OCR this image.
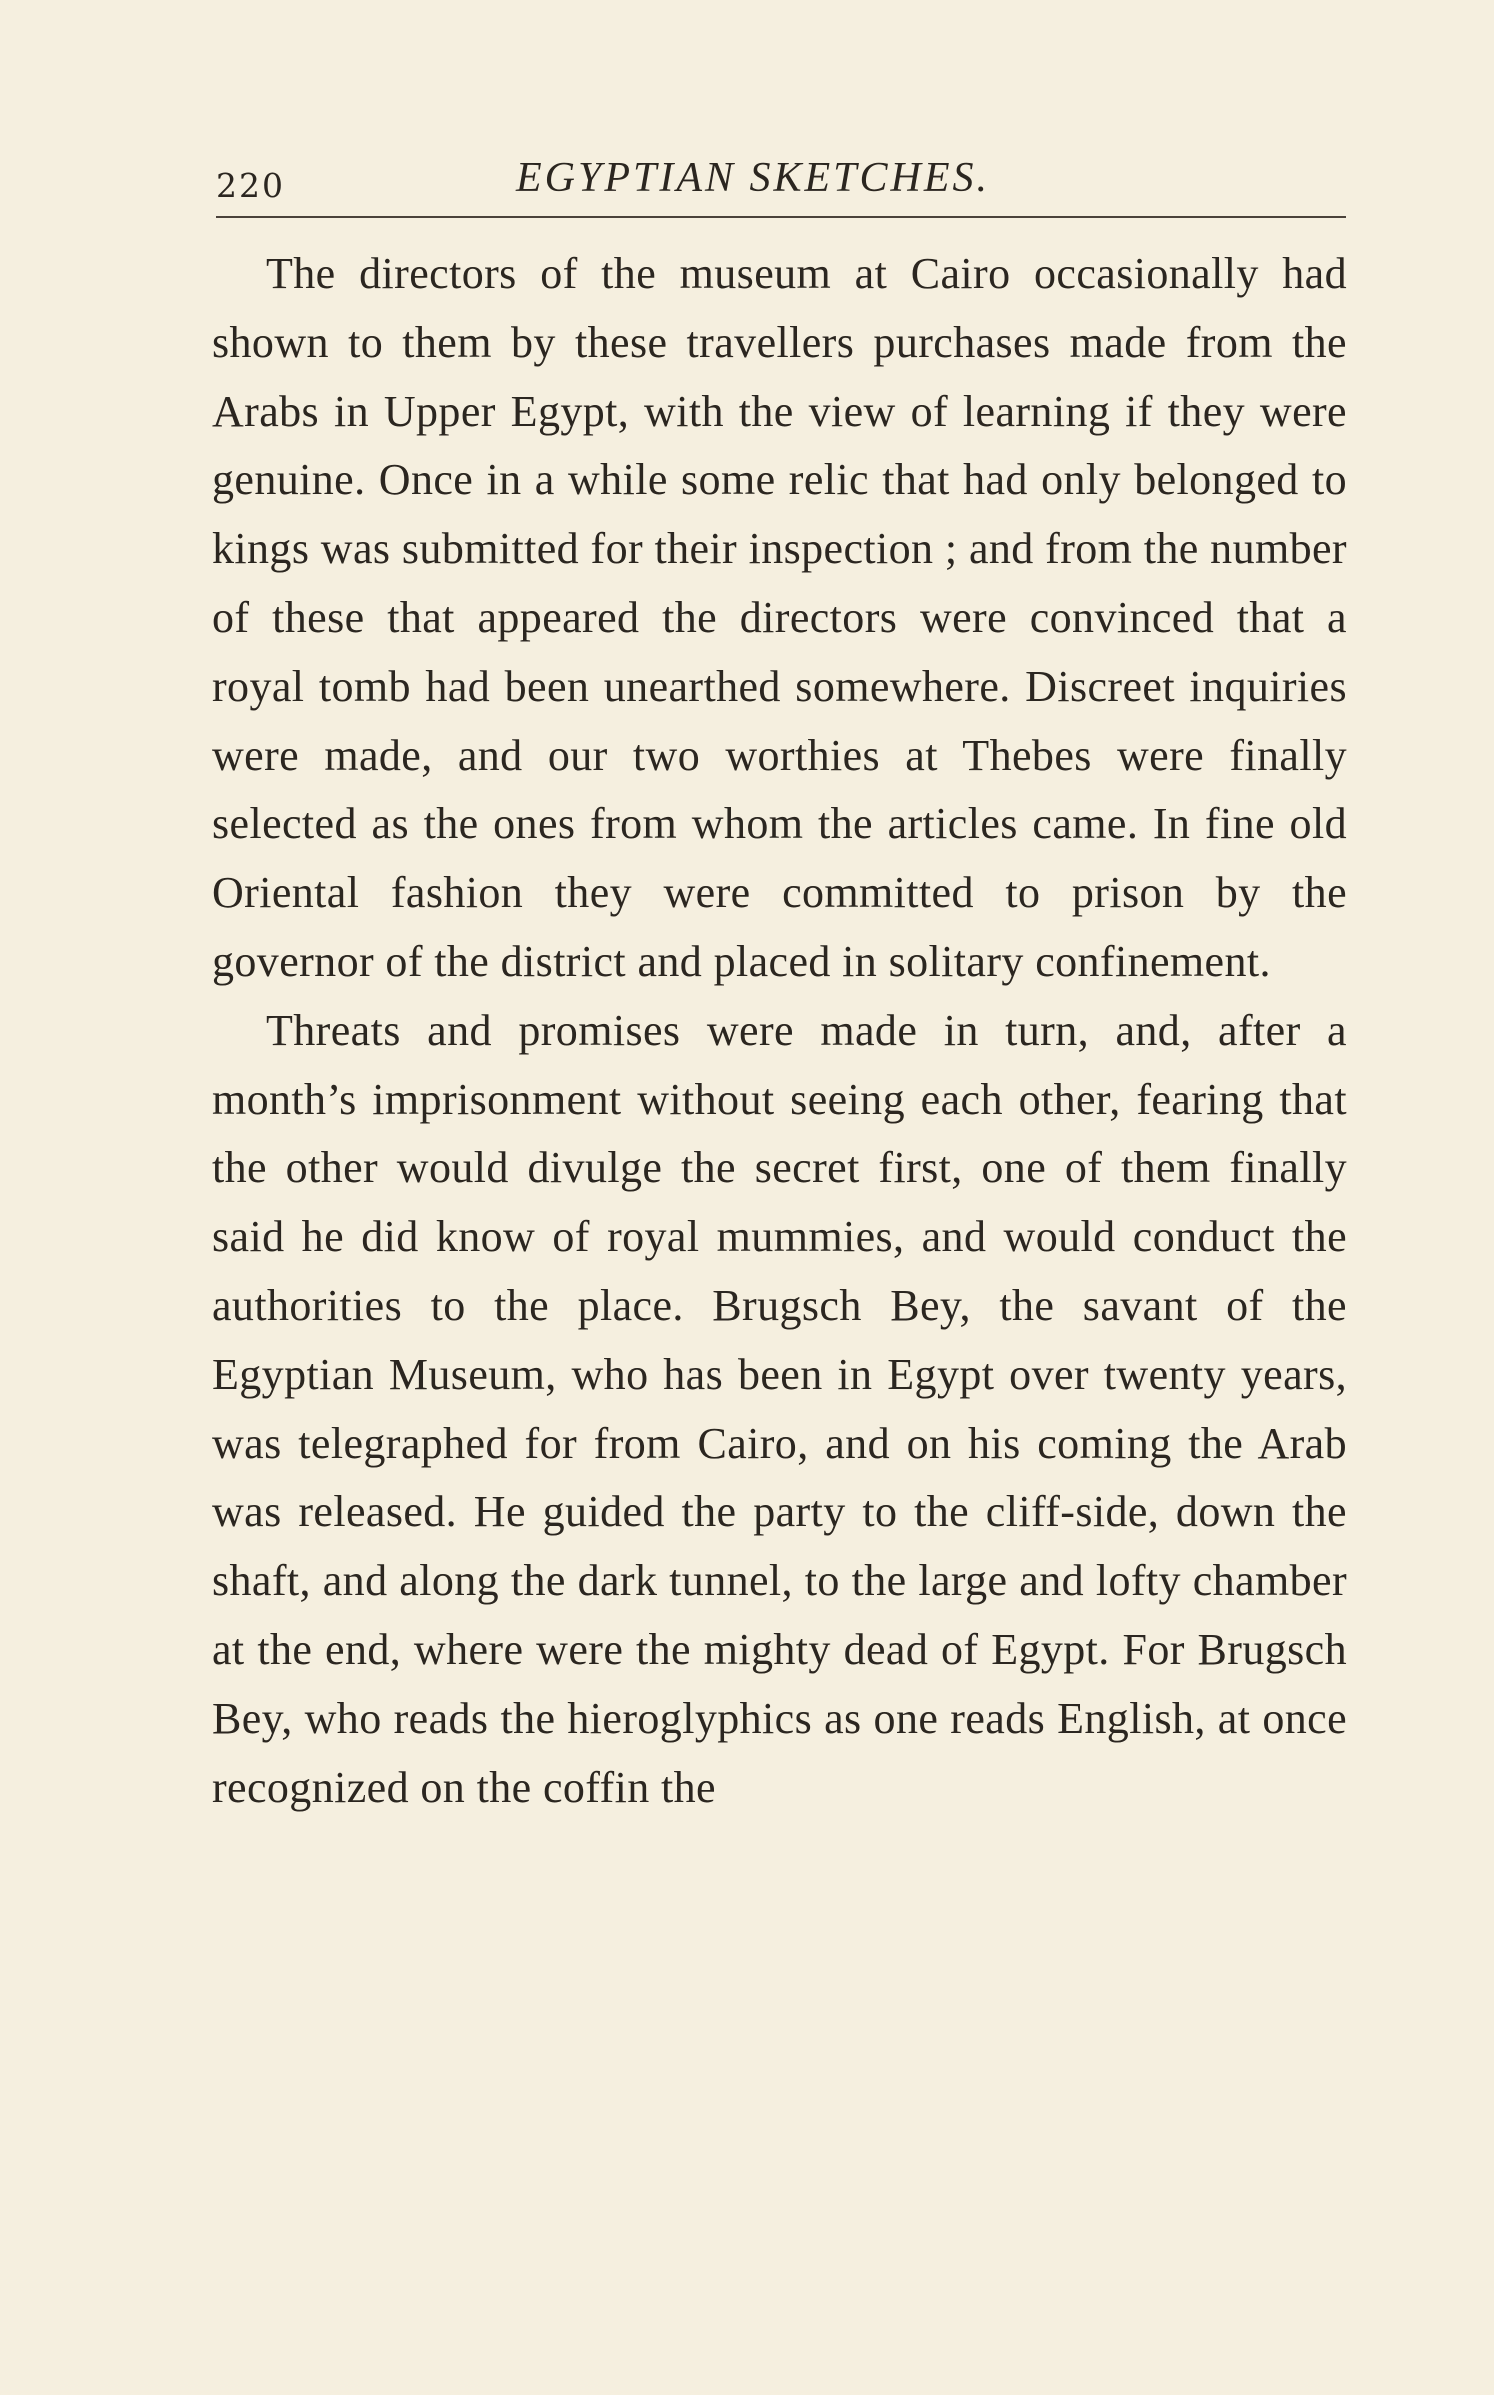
220	EGYPTIAN SKETCHES.

The directors of the museum at Cairo occasionally had shown to them by these travellers purchases made from the Arabs in Upper Egypt, with the view of learning if they were genuine. Once in a while some relic that had only belonged to kings was submitted for their inspection ; and from the number of these that appeared the directors were convinced that a royal tomb had been unearthed somewhere. Discreet inquiries were made, and our two worthies at Thebes were finally selected as the ones from whom the articles came. In fine old Oriental fashion they were committed to prison by the governor of the district and placed in solitary confinement.

Threats and promises were made in turn, and, after a month’s imprisonment without seeing each other, fearing that the other would divulge the secret first, one of them finally said he did know of royal mummies, and would conduct the authorities to the place. Brugsch Bey, the savant of the Egyptian Museum, who has been in Egypt over twenty years, was telegraphed for from Cairo, and on his coming the Arab was released. He guided the party to the cliff-side, down the shaft, and along the dark tunnel, to the large and lofty chamber at the end, where were the mighty dead of Egypt. For Brugsch Bey, who reads the hieroglyphics as one reads English, at once recognized on the coffin the
